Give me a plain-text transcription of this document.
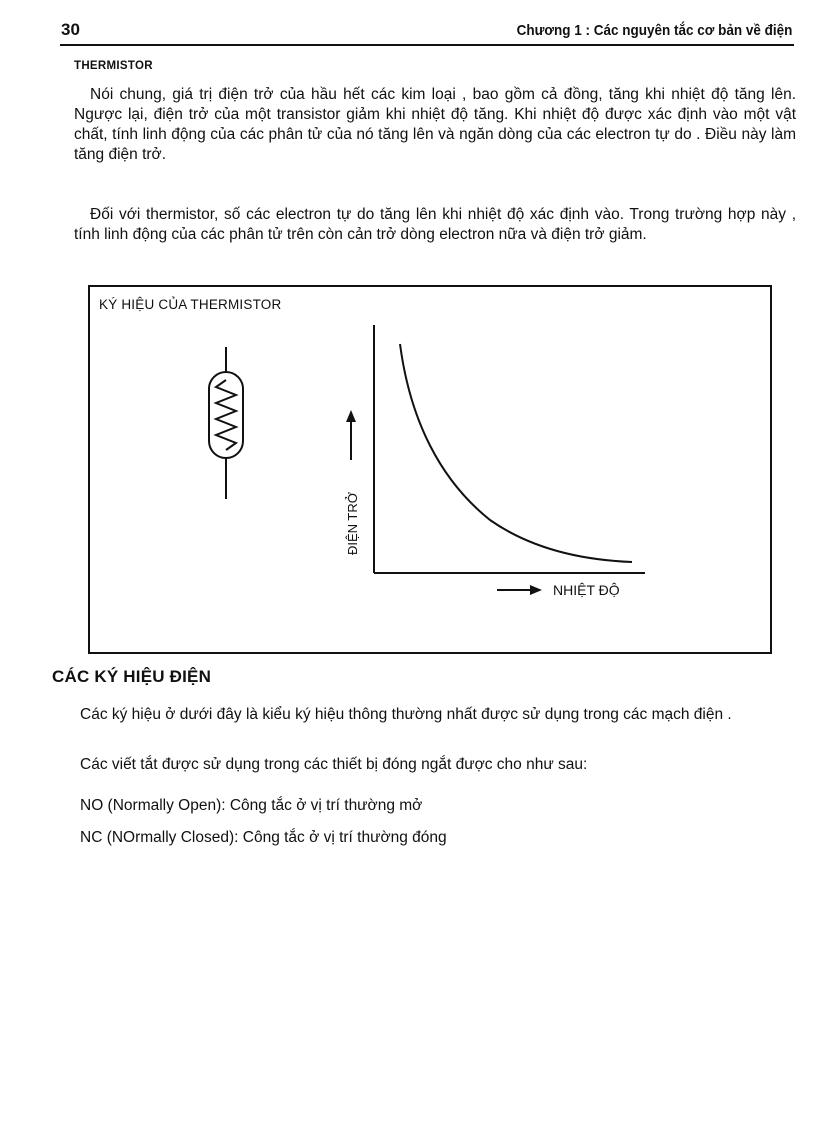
30	Chương 1 : Các nguyên tắc cơ bản về điện
THERMISTOR
Nói chung, giá trị điện trở của hầu hết các kim loại , bao gồm cả đồng, tăng khi nhiệt độ tăng lên. Ngược lại, điện trở của một transistor giảm khi nhiệt độ tăng. Khi nhiệt độ được xác định vào một vật chất, tính linh động của các phân tử của nó tăng lên và ngăn dòng của các electron tự do . Điều này làm tăng điện trở.
Đối với thermistor, số các electron tự do tăng lên khi nhiệt độ xác định vào. Trong trường hợp này , tính linh động của các phân tử trên còn cản trở dòng electron nữa và điện trở giảm.
KÝ HIỆU CỦA THERMISTOR
ĐIỆN TRỞ
NHIỆT ĐỘ
CÁC KÝ HIỆU ĐIỆN
Các ký hiệu ở dưới đây là kiểu ký hiệu thông thường nhất được sử dụng trong các mạch điện .
Các viết tắt được sử dụng trong các thiết bị đóng ngắt được cho như sau:
NO (Normally Open): Công tắc ở vị trí thường mở
NC (NOrmally Closed): Công tắc ở vị trí thường đóng
